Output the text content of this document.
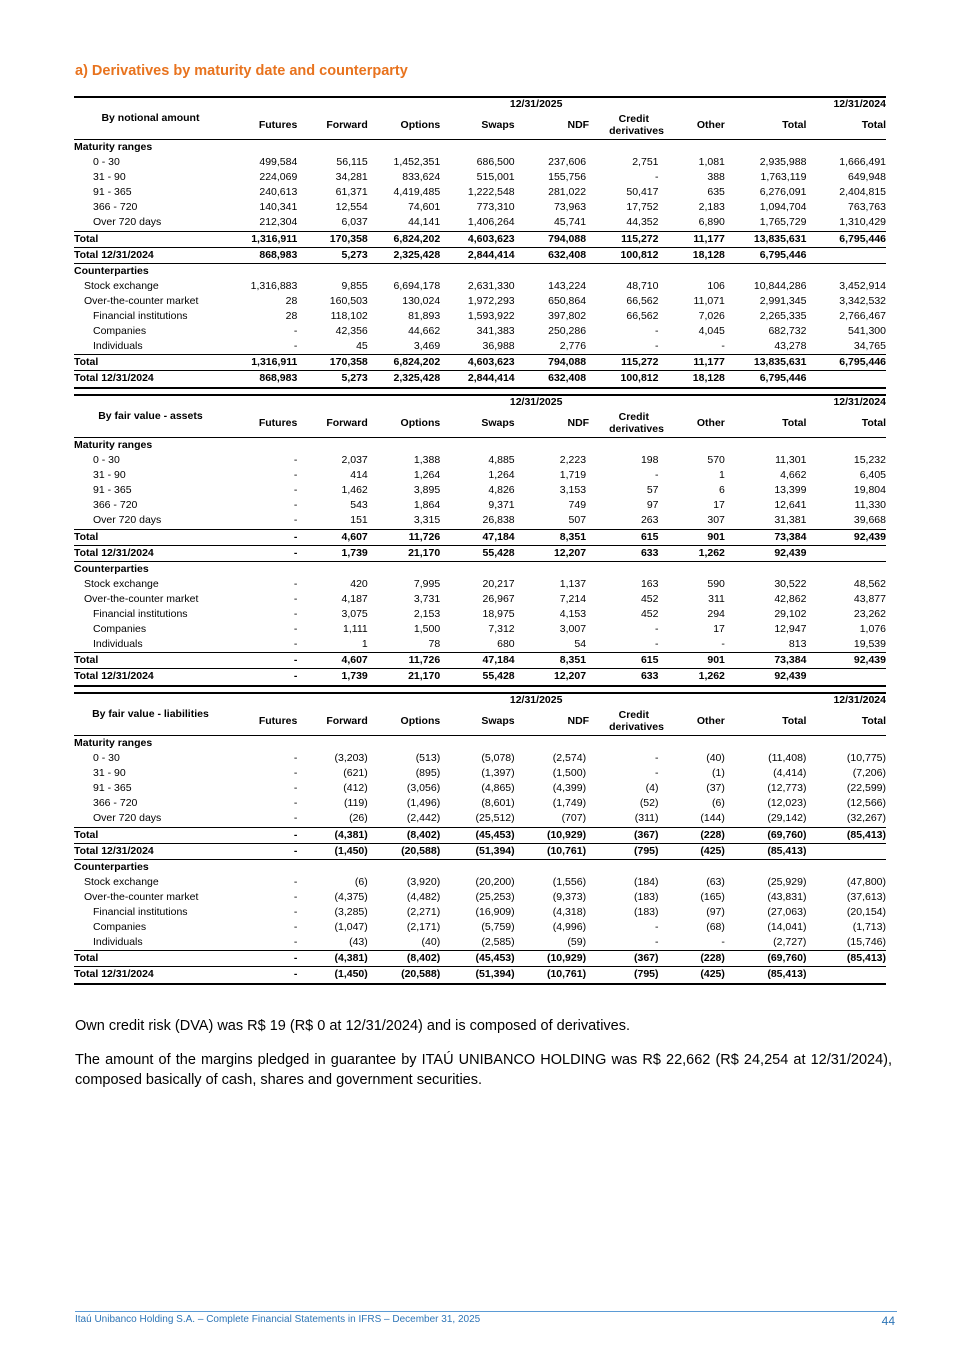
a) Derivatives by maturity date and counterparty
By notional amount	12/31/2025								12/31/2024
	Futures	Forward	Options	Swaps	NDF	Credit derivatives	Other	Total	Total
Maturity ranges									
0 - 30	499,584	56,115	1,452,351	686,500	237,606	2,751	1,081	2,935,988	1,666,491
31 - 90	224,069	34,281	833,624	515,001	155,756	-	388	1,763,119	649,948
91 - 365	240,613	61,371	4,419,485	1,222,548	281,022	50,417	635	6,276,091	2,404,815
366 - 720	140,341	12,554	74,601	773,310	73,963	17,752	2,183	1,094,704	763,763
Over 720 days	212,304	6,037	44,141	1,406,264	45,741	44,352	6,890	1,765,729	1,310,429
Total	1,316,911	170,358	6,824,202	4,603,623	794,088	115,272	11,177	13,835,631	6,795,446
Total 12/31/2024	868,983	5,273	2,325,428	2,844,414	632,408	100,812	18,128	6,795,446	
Counterparties									
Stock exchange	1,316,883	9,855	6,694,178	2,631,330	143,224	48,710	106	10,844,286	3,452,914
Over-the-counter market	28	160,503	130,024	1,972,293	650,864	66,562	11,071	2,991,345	3,342,532
Financial institutions	28	118,102	81,893	1,593,922	397,802	66,562	7,026	2,265,335	2,766,467
Companies	-	42,356	44,662	341,383	250,286	-	4,045	682,732	541,300
Individuals	-	45	3,469	36,988	2,776	-	-	43,278	34,765
Total	1,316,911	170,358	6,824,202	4,603,623	794,088	115,272	11,177	13,835,631	6,795,446
Total 12/31/2024	868,983	5,273	2,325,428	2,844,414	632,408	100,812	18,128	6,795,446	
By fair value - assets	12/31/2025								12/31/2024
	Futures	Forward	Options	Swaps	NDF	Credit derivatives	Other	Total	Total
Maturity ranges									
0 - 30	-	2,037	1,388	4,885	2,223	198	570	11,301	15,232
31 - 90	-	414	1,264	1,264	1,719	-	1	4,662	6,405
91 - 365	-	1,462	3,895	4,826	3,153	57	6	13,399	19,804
366 - 720	-	543	1,864	9,371	749	97	17	12,641	11,330
Over 720 days	-	151	3,315	26,838	507	263	307	31,381	39,668
Total	-	4,607	11,726	47,184	8,351	615	901	73,384	92,439
Total 12/31/2024	-	1,739	21,170	55,428	12,207	633	1,262	92,439	
Counterparties									
Stock exchange	-	420	7,995	20,217	1,137	163	590	30,522	48,562
Over-the-counter market	-	4,187	3,731	26,967	7,214	452	311	42,862	43,877
Financial institutions	-	3,075	2,153	18,975	4,153	452	294	29,102	23,262
Companies	-	1,111	1,500	7,312	3,007	-	17	12,947	1,076
Individuals	-	1	78	680	54	-	-	813	19,539
Total	-	4,607	11,726	47,184	8,351	615	901	73,384	92,439
Total 12/31/2024	-	1,739	21,170	55,428	12,207	633	1,262	92,439	
By fair value - liabilities	12/31/2025								12/31/2024
	Futures	Forward	Options	Swaps	NDF	Credit derivatives	Other	Total	Total
Maturity ranges									
0 - 30	-	(3,203)	(513)	(5,078)	(2,574)	-	(40)	(11,408)	(10,775)
31 - 90	-	(621)	(895)	(1,397)	(1,500)	-	(1)	(4,414)	(7,206)
91 - 365	-	(412)	(3,056)	(4,865)	(4,399)	(4)	(37)	(12,773)	(22,599)
366 - 720	-	(119)	(1,496)	(8,601)	(1,749)	(52)	(6)	(12,023)	(12,566)
Over 720 days	-	(26)	(2,442)	(25,512)	(707)	(311)	(144)	(29,142)	(32,267)
Total	-	(4,381)	(8,402)	(45,453)	(10,929)	(367)	(228)	(69,760)	(85,413)
Total 12/31/2024	-	(1,450)	(20,588)	(51,394)	(10,761)	(795)	(425)	(85,413)	
Counterparties									
Stock exchange	-	(6)	(3,920)	(20,200)	(1,556)	(184)	(63)	(25,929)	(47,800)
Over-the-counter market	-	(4,375)	(4,482)	(25,253)	(9,373)	(183)	(165)	(43,831)	(37,613)
Financial institutions	-	(3,285)	(2,271)	(16,909)	(4,318)	(183)	(97)	(27,063)	(20,154)
Companies	-	(1,047)	(2,171)	(5,759)	(4,996)	-	(68)	(14,041)	(1,713)
Individuals	-	(43)	(40)	(2,585)	(59)	-	-	(2,727)	(15,746)
Total	-	(4,381)	(8,402)	(45,453)	(10,929)	(367)	(228)	(69,760)	(85,413)
Total 12/31/2024	-	(1,450)	(20,588)	(51,394)	(10,761)	(795)	(425)	(85,413)	

Own credit risk (DVA) was R$ 19 (R$ 0 at 12/31/2024) and is composed of derivatives.

The amount of the margins pledged in guarantee by ITAÚ UNIBANCO HOLDING was R$ 22,662 (R$ 24,254 at 12/31/2024), composed basically of cash, shares and government securities.

Itaú Unibanco Holding S.A. – Complete Financial Statements in IFRS – December 31, 2025	44
